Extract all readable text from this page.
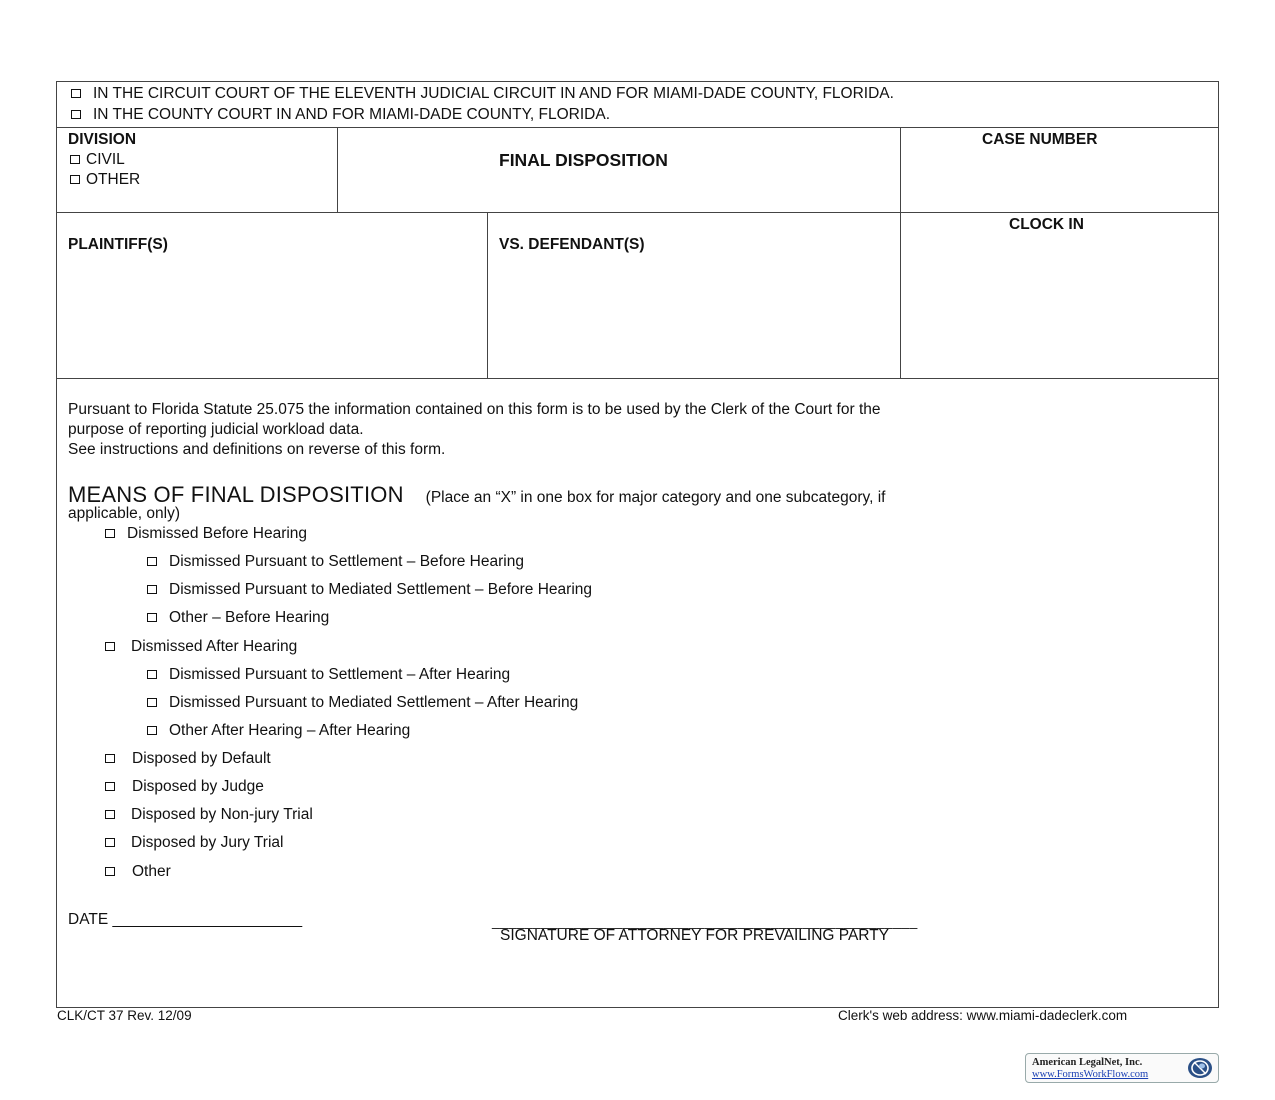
IN THE CIRCUIT COURT OF THE ELEVENTH JUDICIAL CIRCUIT IN AND FOR MIAMI-DADE COUNTY, FLORIDA.
IN THE COUNTY COURT IN AND FOR MIAMI-DADE COUNTY, FLORIDA.
DIVISION
CIVIL
OTHER
FINAL DISPOSITION
CASE NUMBER
CLOCK IN
PLAINTIFF(S)	VS. DEFENDANT(S)
Pursuant to Florida Statute 25.075 the information contained on this form is to be used by the Clerk of the Court for the
purpose of reporting judicial workload data.
See instructions and definitions on reverse of this form.
MEANS OF FINAL DISPOSITION (Place an “X” in one box for major category and one subcategory, if
applicable, only)
Dismissed Before Hearing
Dismissed Pursuant to Settlement – Before Hearing
Dismissed Pursuant to Mediated Settlement – Before Hearing
Other – Before Hearing
Dismissed After Hearing
Dismissed Pursuant to Settlement – After Hearing
Dismissed Pursuant to Mediated Settlement – After Hearing
Other After Hearing – After Hearing
Disposed by Default
Disposed by Judge
Disposed by Non-jury Trial
Disposed by Jury Trial
Other
DATE ______________________	____________________________________________________
SIGNATURE OF ATTORNEY FOR PREVAILING PARTY
CLK/CT 37 Rev. 12/09	Clerk's web address: www.miami-dadeclerk.com
American LegalNet, Inc.
www.FormsWorkFlow.com
